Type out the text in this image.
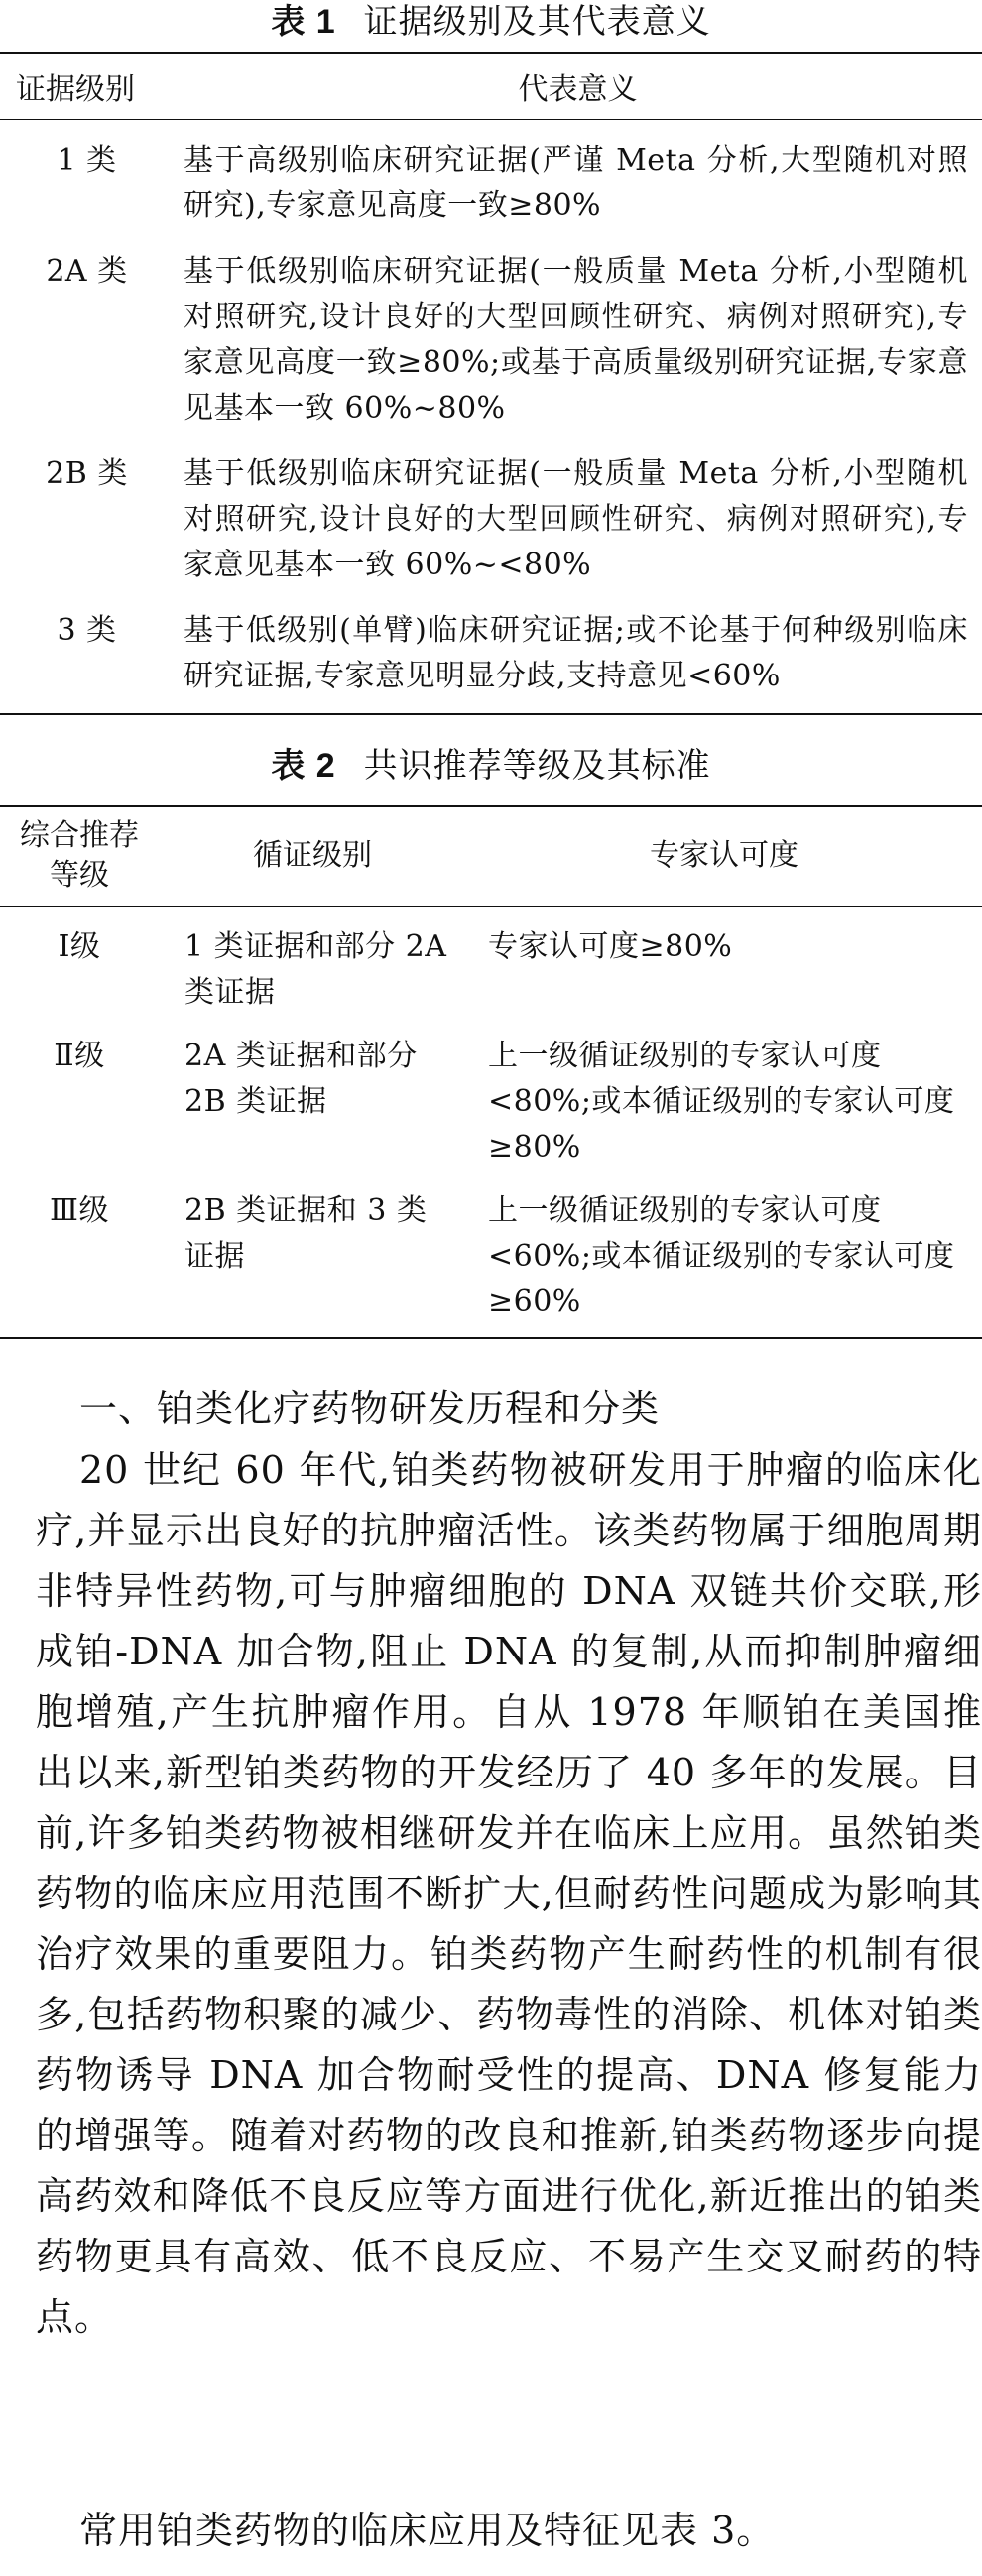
表 1 证据级别及其代表意义
证据级别	代表意义
1 类	基于高级别临床研究证据(严谨 Meta 分析,大型随机对照研究),专家意见高度一致≥80%
2A 类	基于低级别临床研究证据(一般质量 Meta 分析,小型随机对照研究,设计良好的大型回顾性研究、病例对照研究),专家意见高度一致≥80%;或基于高质量级别研究证据,专家意见基本一致 60%~80%
2B 类	基于低级别临床研究证据(一般质量 Meta 分析,小型随机对照研究,设计良好的大型回顾性研究、病例对照研究),专家意见基本一致 60%~<80%
3 类	基于低级别(单臂)临床研究证据;或不论基于何种级别临床研究证据,专家意见明显分歧,支持意见<60%
表 2 共识推荐等级及其标准
综合推荐等级	循证级别	专家认可度
Ⅰ级	1 类证据和部分 2A 类证据	专家认可度≥80%
Ⅱ级	2A 类证据和部分 2B 类证据	上一级循证级别的专家认可度<80%;或本循证级别的专家认可度≥80%
Ⅲ级	2B 类证据和 3 类证据	上一级循证级别的专家认可度<60%;或本循证级别的专家认可度≥60%
一、铂类化疗药物研发历程和分类
20 世纪 60 年代,铂类药物被研发用于肿瘤的临床化疗,并显示出良好的抗肿瘤活性。该类药物属于细胞周期非特异性药物,可与肿瘤细胞的 DNA 双链共价交联,形成铂-DNA 加合物,阻止 DNA 的复制,从而抑制肿瘤细胞增殖,产生抗肿瘤作用。自从 1978 年顺铂在美国推出以来,新型铂类药物的开发经历了 40 多年的发展。目前,许多铂类药物被相继研发并在临床上应用。虽然铂类药物的临床应用范围不断扩大,但耐药性问题成为影响其治疗效果的重要阻力。铂类药物产生耐药性的机制有很多,包括药物积聚的减少、药物毒性的消除、机体对铂类药物诱导 DNA 加合物耐受性的提高、DNA 修复能力的增强等。随着对药物的改良和推新,铂类药物逐步向提高药效和降低不良反应等方面进行优化,新近推出的铂类药物更具有高效、低不良反应、不易产生交叉耐药的特点。
常用铂类药物的临床应用及特征见表 3。
